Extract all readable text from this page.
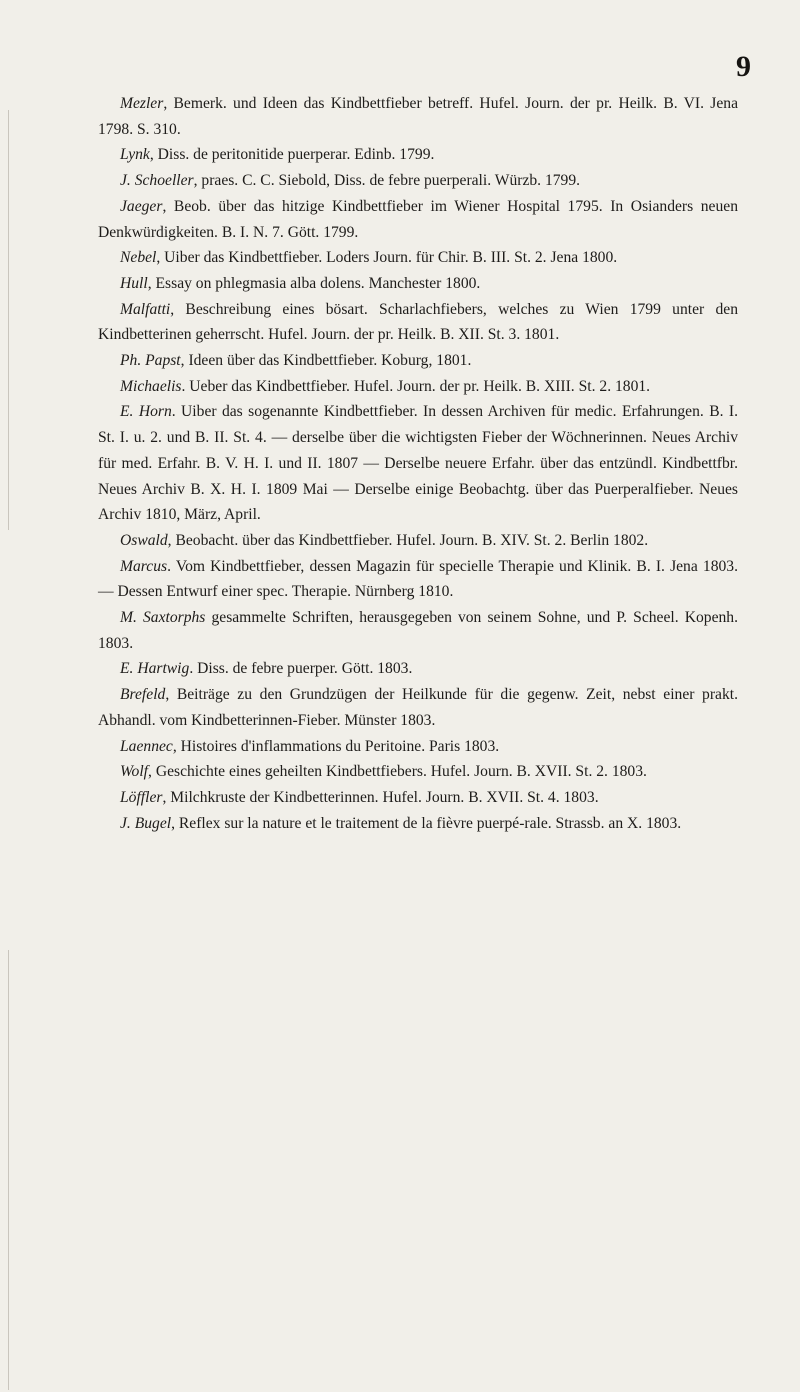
9

Mezler, Bemerk. und Ideen das Kindbettfieber betreff. Hufel. Journ. der pr. Heilk. B. VI. Jena 1798. S. 310.

Lynk, Diss. de peritonitide puerperar. Edinb. 1799.

J. Schoeller, praes. C. C. Siebold, Diss. de febre puerperali. Würzb. 1799.

Jaeger, Beob. über das hitzige Kindbettfieber im Wiener Hospital 1795. In Osianders neuen Denkwürdigkeiten. B. I. N. 7. Gött. 1799.

Nebel, Uiber das Kindbettfieber. Loders Journ. für Chir. B. III. St. 2. Jena 1800.

Hull, Essay on phlegmasia alba dolens. Manchester 1800.

Malfatti, Beschreibung eines bösart. Scharlachfiebers, welches zu Wien 1799 unter den Kindbetterinen geherrscht. Hufel. Journ. der pr. Heilk. B. XII. St. 3. 1801.

Ph. Papst, Ideen über das Kindbettfieber. Koburg, 1801.

Michaelis. Ueber das Kindbettfieber. Hufel. Journ. der pr. Heilk. B. XIII. St. 2. 1801.

E. Horn. Uiber das sogenannte Kindbettfieber. In dessen Archiven für medic. Erfahrungen. B. I. St. I. u. 2. und B. II. St. 4. — derselbe über die wichtigsten Fieber der Wöchnerinnen. Neues Archiv für med. Erfahr. B. V. H. I. und II. 1807 — Derselbe neuere Erfahr. über das entzündl. Kindbettfbr. Neues Archiv B. X. H. I. 1809 Mai — Derselbe einige Beobachtg. über das Puerperalfieber. Neues Archiv 1810, März, April.

Oswald, Beobacht. über das Kindbettfieber. Hufel. Journ. B. XIV. St. 2. Berlin 1802.

Marcus. Vom Kindbettfieber, dessen Magazin für specielle Therapie und Klinik. B. I. Jena 1803. — Dessen Entwurf einer spec. Therapie. Nürnberg 1810.

M. Saxtorphs gesammelte Schriften, herausgegeben von seinem Sohne, und P. Scheel. Kopenh. 1803.

E. Hartwig. Diss. de febre puerper. Gött. 1803.

Brefeld, Beiträge zu den Grundzügen der Heilkunde für die gegenw. Zeit, nebst einer prakt. Abhandl. vom Kindbetterinnen-Fieber. Münster 1803.

Laennec, Histoires d'inflammations du Peritoine. Paris 1803.

Wolf, Geschichte eines geheilten Kindbettfiebers. Hufel. Journ. B. XVII. St. 2. 1803.

Löffler, Milchkruste der Kindbetterinnen. Hufel. Journ. B. XVII. St. 4. 1803.

J. Bugel, Reflex sur la nature et le traitement de la fièvre puerpé-rale. Strassb. an X. 1803.
